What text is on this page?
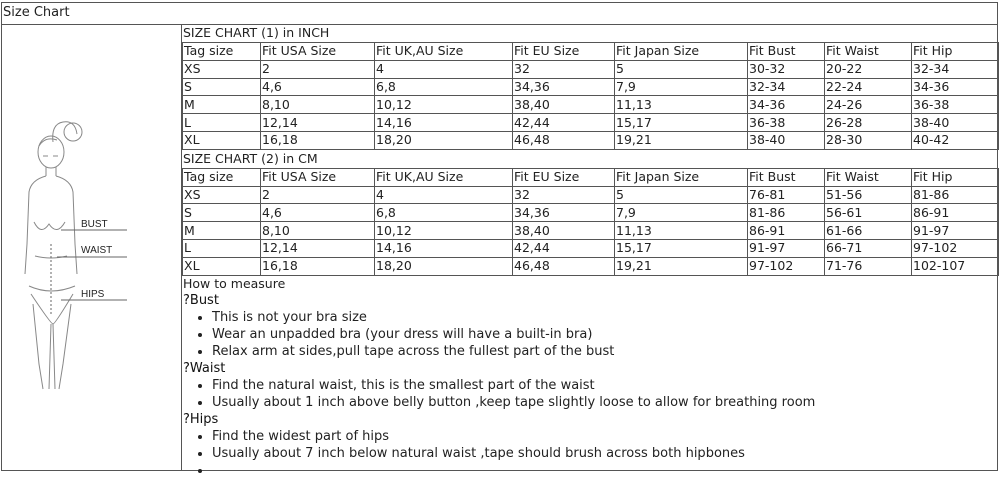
Size Chart
BUST
WAIST
HIPS
SIZE CHART (1) in INCH
Tag size	Fit USA Size	Fit UK,AU Size	Fit EU Size	Fit Japan Size	Fit Bust	Fit Waist	Fit Hip
XS	2	4	32	5	30-32	20-22	32-34
S	4,6	6,8	34,36	7,9	32-34	22-24	34-36
M	8,10	10,12	38,40	11,13	34-36	24-26	36-38
L	12,14	14,16	42,44	15,17	36-38	26-28	38-40
XL	16,18	18,20	46,48	19,21	38-40	28-30	40-42
SIZE CHART (2) in CM
Tag size	Fit USA Size	Fit UK,AU Size	Fit EU Size	Fit Japan Size	Fit Bust	Fit Waist	Fit Hip
XS	2	4	32	5	76-81	51-56	81-86
S	4,6	6,8	34,36	7,9	81-86	56-61	86-91
M	8,10	10,12	38,40	11,13	86-91	61-66	91-97
L	12,14	14,16	42,44	15,17	91-97	66-71	97-102
XL	16,18	18,20	46,48	19,21	97-102	71-76	102-107
How to measure
?Bust
• This is not your bra size
• Wear an unpadded bra (your dress will have a built-in bra)
• Relax arm at sides,pull tape across the fullest part of the bust
?Waist
• Find the natural waist, this is the smallest part of the waist
• Usually about 1 inch above belly button ,keep tape slightly loose to allow for breathing room
?Hips
• Find the widest part of hips
• Usually about 7 inch below natural waist ,tape should brush across both hipbones
•
